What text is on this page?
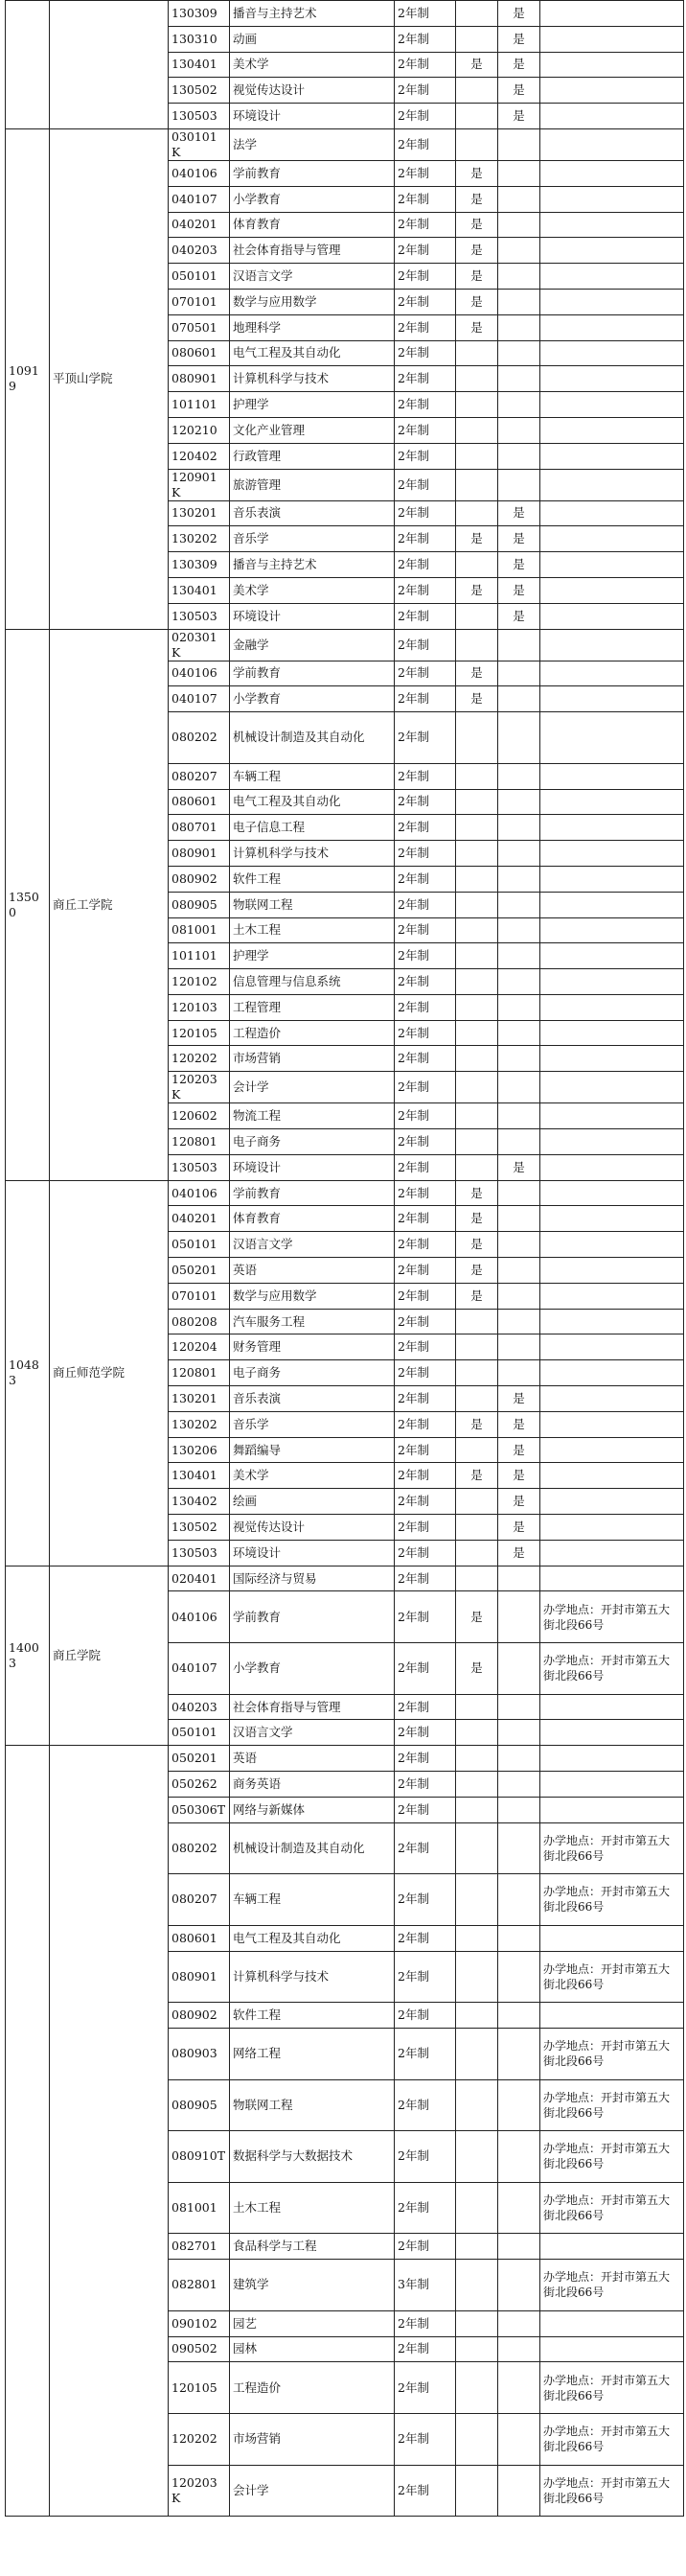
		130309	播音与主持艺术	2年制		是	
		130310	动画	2年制		是	
		130401	美术学	2年制	是	是	
		130502	视觉传达设计	2年制		是	
		130503	环境设计	2年制		是	
10919	平顶山学院	030101K	法学	2年制			
		040106	学前教育	2年制	是		
		040107	小学教育	2年制	是		
		040201	体育教育	2年制	是		
		040203	社会体育指导与管理	2年制	是		
		050101	汉语言文学	2年制	是		
		070101	数学与应用数学	2年制	是		
		070501	地理科学	2年制	是		
		080601	电气工程及其自动化	2年制			
		080901	计算机科学与技术	2年制			
		101101	护理学	2年制			
		120210	文化产业管理	2年制			
		120402	行政管理	2年制			
		120901K	旅游管理	2年制			
		130201	音乐表演	2年制		是	
		130202	音乐学	2年制	是	是	
		130309	播音与主持艺术	2年制		是	
		130401	美术学	2年制	是	是	
		130503	环境设计	2年制		是	
13500	商丘工学院	020301K	金融学	2年制			
		040106	学前教育	2年制	是		
		040107	小学教育	2年制	是		
		080202	机械设计制造及其自动化	2年制			
		080207	车辆工程	2年制			
		080601	电气工程及其自动化	2年制			
		080701	电子信息工程	2年制			
		080901	计算机科学与技术	2年制			
		080902	软件工程	2年制			
		080905	物联网工程	2年制			
		081001	土木工程	2年制			
		101101	护理学	2年制			
		120102	信息管理与信息系统	2年制			
		120103	工程管理	2年制			
		120105	工程造价	2年制			
		120202	市场营销	2年制			
		120203K	会计学	2年制			
		120602	物流工程	2年制			
		120801	电子商务	2年制			
		130503	环境设计	2年制		是	
10483	商丘师范学院	040106	学前教育	2年制	是		
		040201	体育教育	2年制	是		
		050101	汉语言文学	2年制	是		
		050201	英语	2年制	是		
		070101	数学与应用数学	2年制	是		
		080208	汽车服务工程	2年制			
		120204	财务管理	2年制			
		120801	电子商务	2年制			
		130201	音乐表演	2年制		是	
		130202	音乐学	2年制	是	是	
		130206	舞蹈编导	2年制		是	
		130401	美术学	2年制	是	是	
		130402	绘画	2年制		是	
		130502	视觉传达设计	2年制		是	
		130503	环境设计	2年制		是	
14003	商丘学院	020401	国际经济与贸易	2年制			
		040106	学前教育	2年制	是		办学地点：开封市第五大街北段66号
		040107	小学教育	2年制	是		办学地点：开封市第五大街北段66号
		040203	社会体育指导与管理	2年制			
		050101	汉语言文学	2年制			
		050201	英语	2年制			
		050262	商务英语	2年制			
		050306T	网络与新媒体	2年制			
		080202	机械设计制造及其自动化	2年制			办学地点：开封市第五大街北段66号
		080207	车辆工程	2年制			办学地点：开封市第五大街北段66号
		080601	电气工程及其自动化	2年制			
		080901	计算机科学与技术	2年制			办学地点：开封市第五大街北段66号
		080902	软件工程	2年制			
		080903	网络工程	2年制			办学地点：开封市第五大街北段66号
		080905	物联网工程	2年制			办学地点：开封市第五大街北段66号
		080910T	数据科学与大数据技术	2年制			办学地点：开封市第五大街北段66号
		081001	土木工程	2年制			办学地点：开封市第五大街北段66号
		082701	食品科学与工程	2年制			
		082801	建筑学	3年制			办学地点：开封市第五大街北段66号
		090102	园艺	2年制			
		090502	园林	2年制			
		120105	工程造价	2年制			办学地点：开封市第五大街北段66号
		120202	市场营销	2年制			办学地点：开封市第五大街北段66号
		120203K	会计学	2年制			办学地点：开封市第五大街北段66号
